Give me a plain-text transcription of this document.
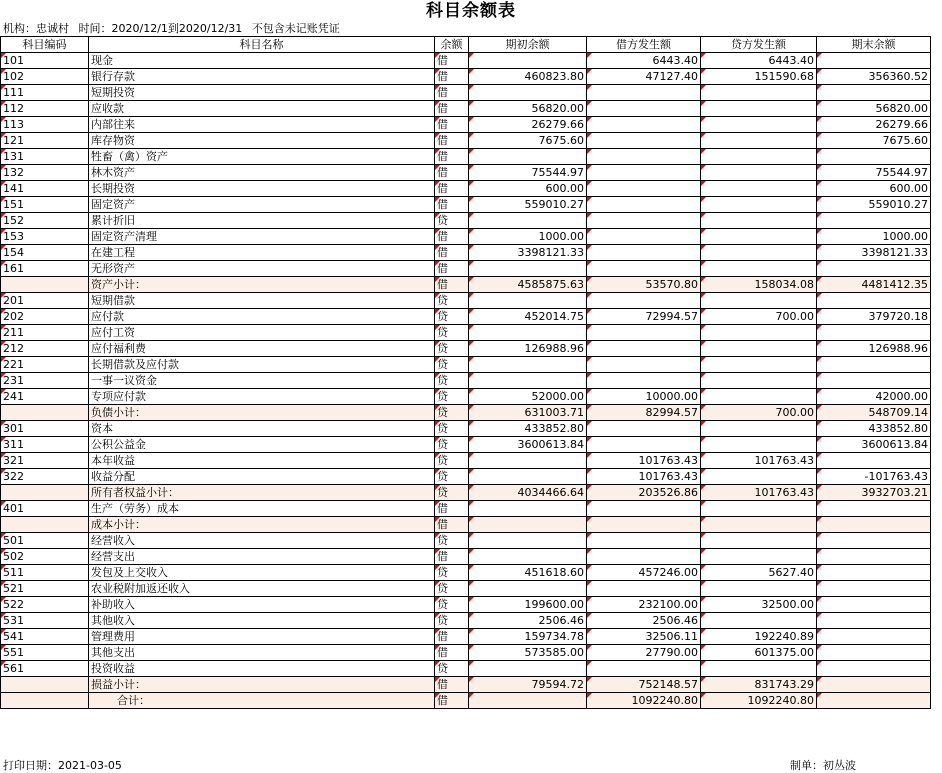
科目余额表
机构：忠诚村 时间：2020/12/1到2020/12/31 不包含未记账凭证
科目编码	科目名称	余额	期初余额	借方发生额	贷方发生额	期末余额
101	现金	借		6443.40	6443.40	
102	银行存款	借	460823.80	47127.40	151590.68	356360.52
111	短期投资	借				
112	应收款	借	56820.00			56820.00
113	内部往来	借	26279.66			26279.66
121	库存物资	借	7675.60			7675.60
131	牲畜（禽）资产	借				
132	林木资产	借	75544.97			75544.97
141	长期投资	借	600.00			600.00
151	固定资产	借	559010.27			559010.27
152	累计折旧	贷				
153	固定资产清理	借	1000.00			1000.00
154	在建工程	借	3398121.33			3398121.33
161	无形资产	借				
	资产小计：	借	4585875.63	53570.80	158034.08	4481412.35
201	短期借款	贷				
202	应付款	贷	452014.75	72994.57	700.00	379720.18
211	应付工资	贷				
212	应付福利费	贷	126988.96			126988.96
221	长期借款及应付款	贷				
231	一事一议资金	贷				
241	专项应付款	贷	52000.00	10000.00		42000.00
	负债小计：	贷	631003.71	82994.57	700.00	548709.14
301	资本	贷	433852.80			433852.80
311	公积公益金	贷	3600613.84			3600613.84
321	本年收益	贷		101763.43	101763.43	
322	收益分配	贷		101763.43		-101763.43
	所有者权益小计：	贷	4034466.64	203526.86	101763.43	3932703.21
401	生产（劳务）成本	借				
	成本小计：	借				
501	经营收入	贷				
502	经营支出	借				
511	发包及上交收入	贷	451618.60	457246.00	5627.40	
521	农业税附加返还收入	贷				
522	补助收入	贷	199600.00	232100.00	32500.00	
531	其他收入	贷	2506.46	2506.46		
541	管理费用	借	159734.78	32506.11	192240.89	
551	其他支出	借	573585.00	27790.00	601375.00	
561	投资收益	贷				
	损益小计：	借	79594.72	752148.57	831743.29	
	合计：	借		1092240.80	1092240.80	
打印日期：2021-03-05	制单：初丛波
